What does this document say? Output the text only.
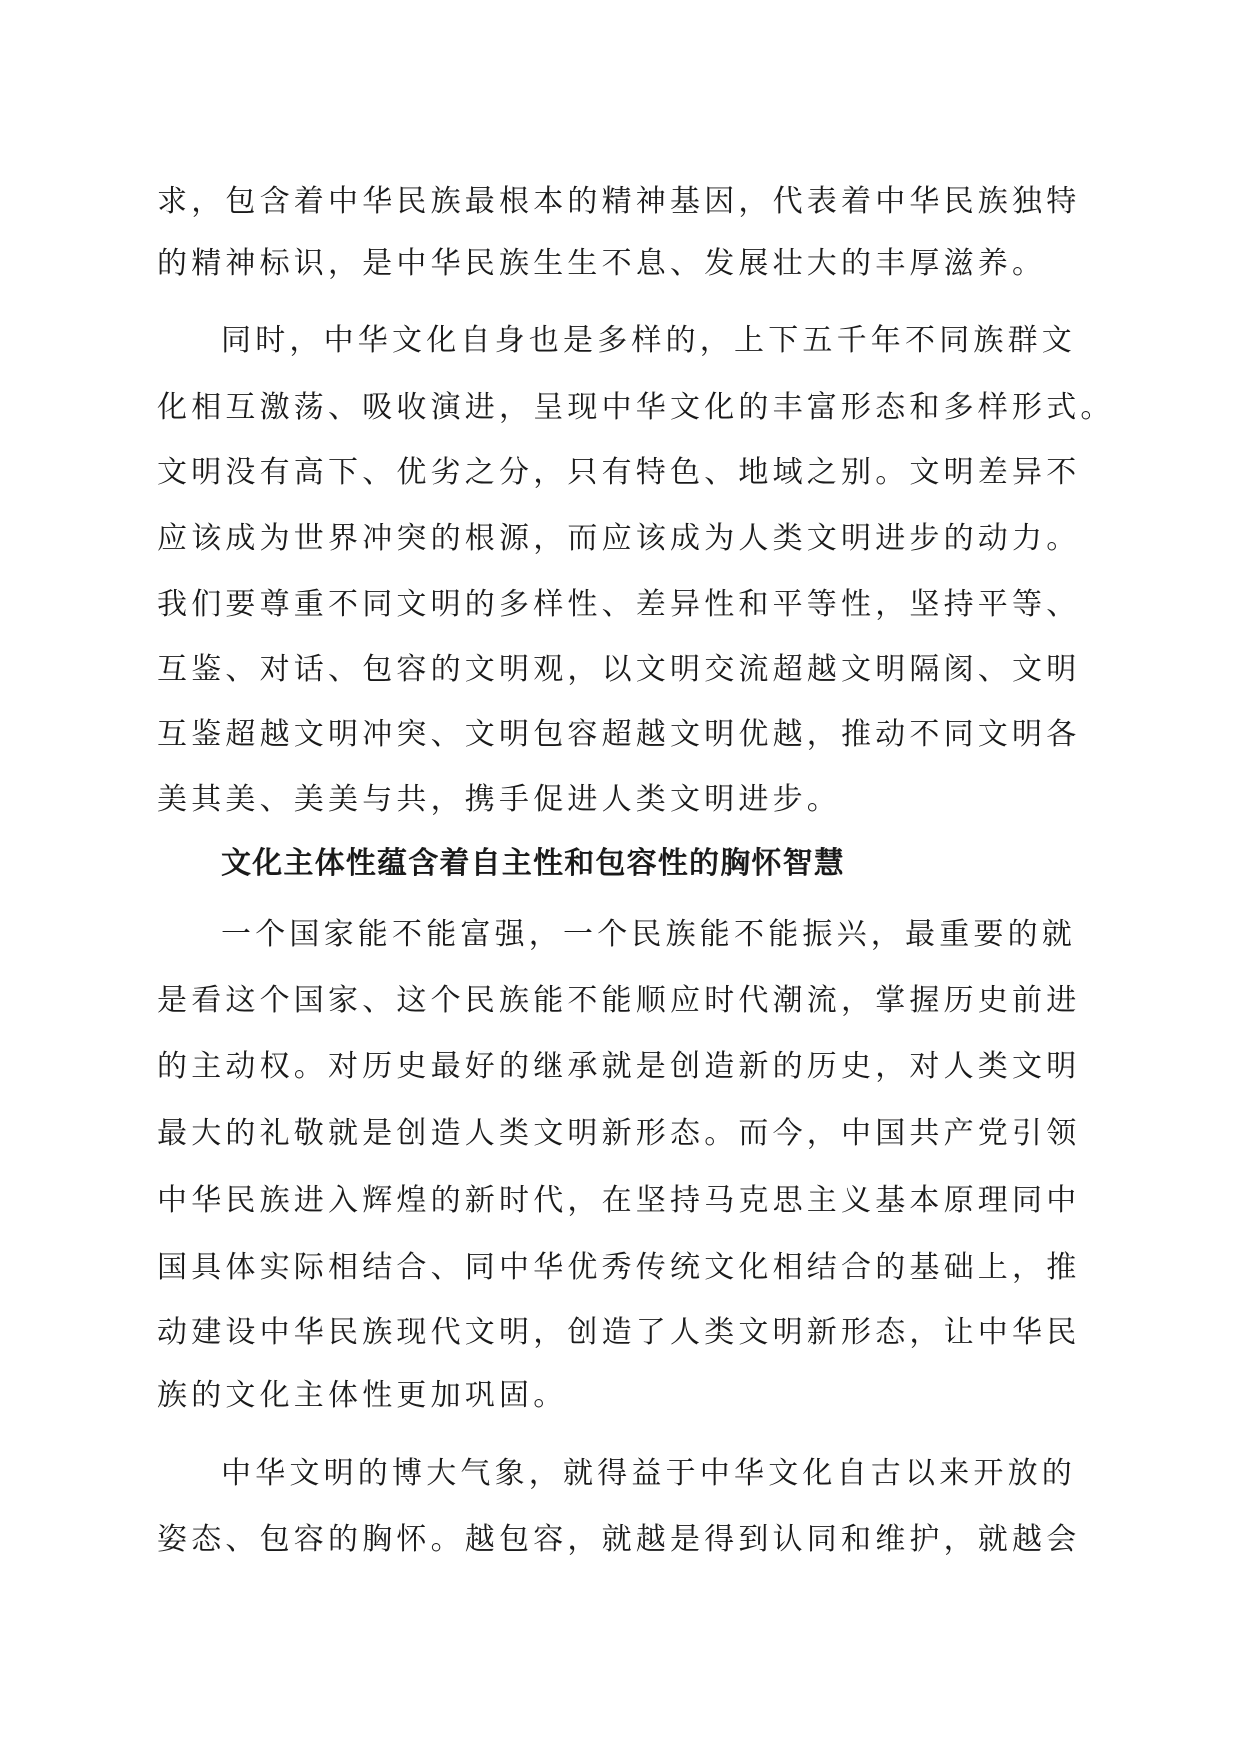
求，包含着中华民族最根本的精神基因，代表着中华民族独特
的精神标识，是中华民族生生不息、发展壮大的丰厚滋养。
同时，中华文化自身也是多样的，上下五千年不同族群文
化相互激荡、吸收演进，呈现中华文化的丰富形态和多样形式。
文明没有高下、优劣之分，只有特色、地域之别。文明差异不
应该成为世界冲突的根源，而应该成为人类文明进步的动力。
我们要尊重不同文明的多样性、差异性和平等性，坚持平等、
互鉴、对话、包容的文明观，以文明交流超越文明隔阂、文明
互鉴超越文明冲突、文明包容超越文明优越，推动不同文明各
美其美、美美与共，携手促进人类文明进步。
文化主体性蕴含着自主性和包容性的胸怀智慧
一个国家能不能富强，一个民族能不能振兴，最重要的就
是看这个国家、这个民族能不能顺应时代潮流，掌握历史前进
的主动权。对历史最好的继承就是创造新的历史，对人类文明
最大的礼敬就是创造人类文明新形态。而今，中国共产党引领
中华民族进入辉煌的新时代，在坚持马克思主义基本原理同中
国具体实际相结合、同中华优秀传统文化相结合的基础上，推
动建设中华民族现代文明，创造了人类文明新形态，让中华民
族的文化主体性更加巩固。
中华文明的博大气象，就得益于中华文化自古以来开放的
姿态、包容的胸怀。越包容，就越是得到认同和维护，就越会
